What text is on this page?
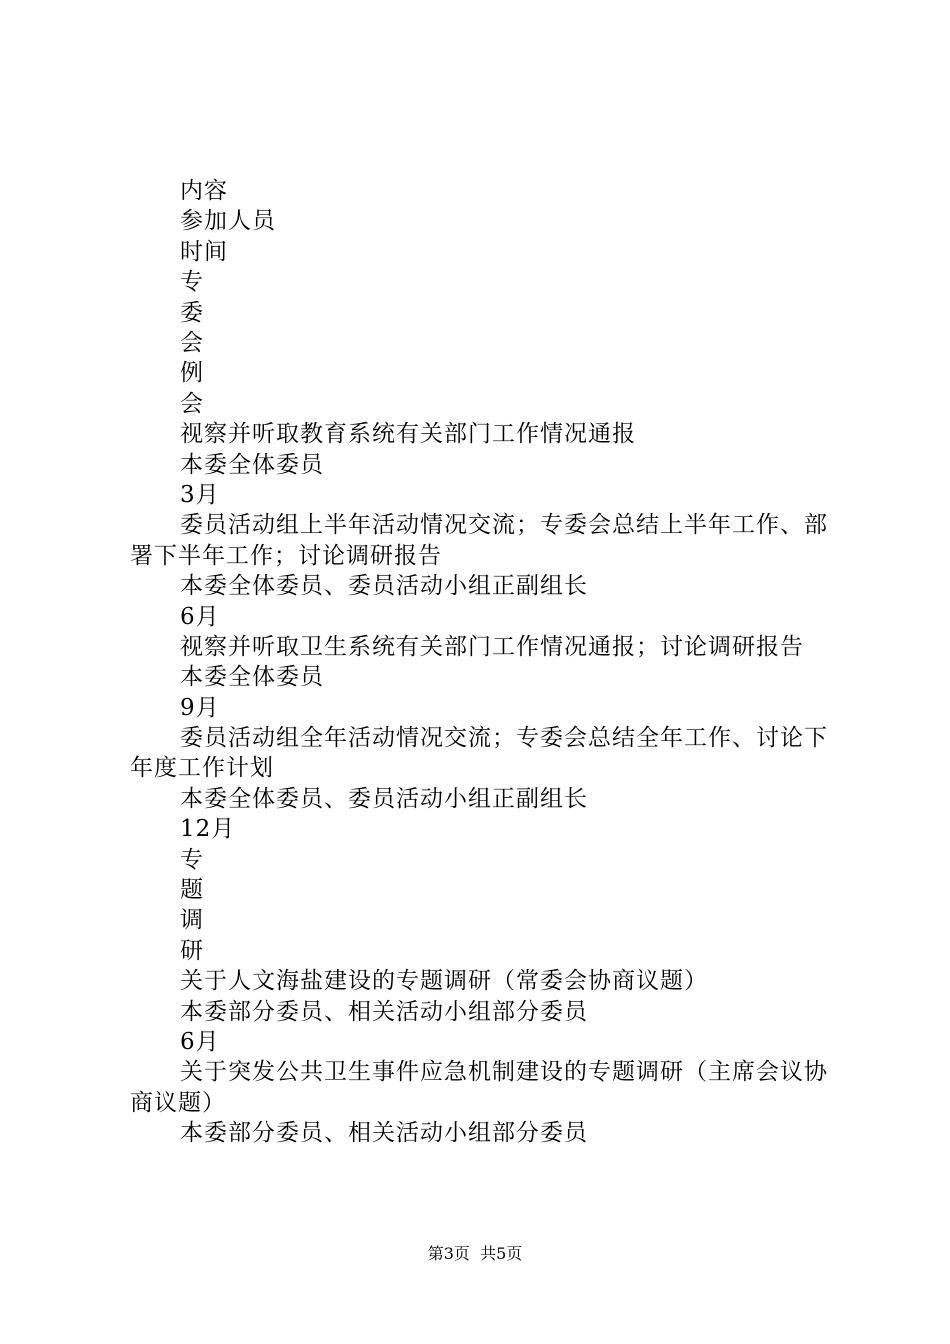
内容
参加人员
时间
专
委
会
例
会
视察并听取教育系统有关部门工作情况通报
本委全体委员
3月
委员活动组上半年活动情况交流；专委会总结上半年工作、部署下半年工作；讨论调研报告
本委全体委员、委员活动小组正副组长
6月
视察并听取卫生系统有关部门工作情况通报；讨论调研报告
本委全体委员
9月
委员活动组全年活动情况交流；专委会总结全年工作、讨论下年度工作计划
本委全体委员、委员活动小组正副组长
12月
专
题
调
研
关于人文海盐建设的专题调研（常委会协商议题）
本委部分委员、相关活动小组部分委员
6月
关于突发公共卫生事件应急机制建设的专题调研（主席会议协商议题）
本委部分委员、相关活动小组部分委员
第3页  共5页
